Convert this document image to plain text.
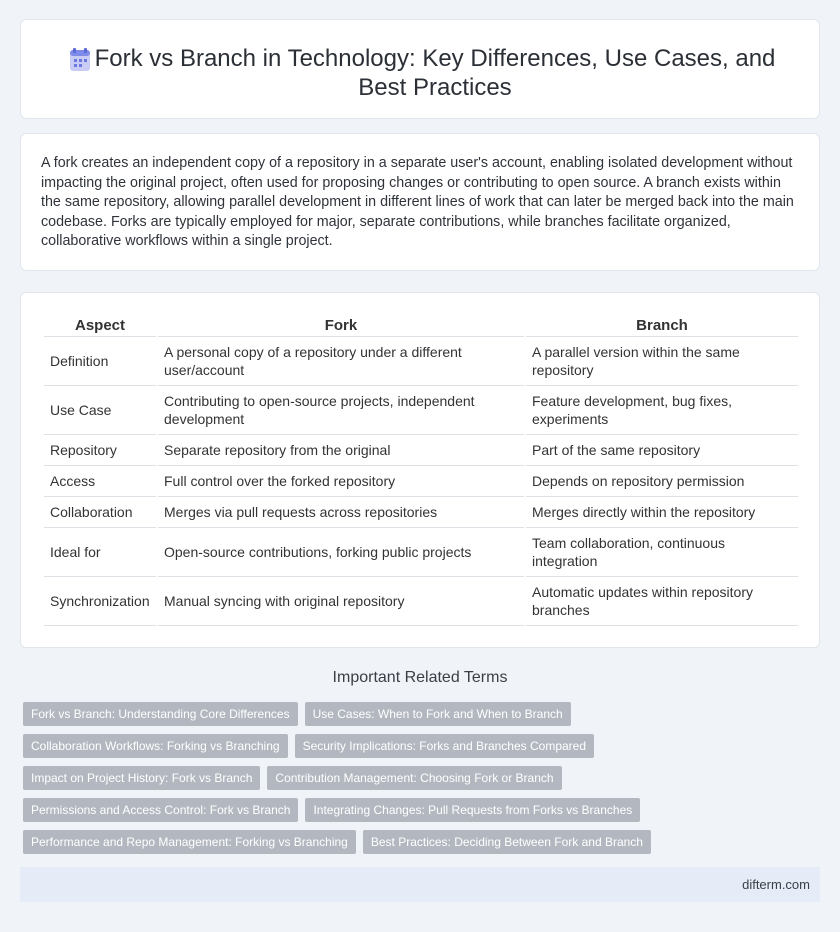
Fork vs Branch in Technology: Key Differences, Use Cases, and Best Practices

A fork creates an independent copy of a repository in a separate user's account, enabling isolated development without impacting the original project, often used for proposing changes or contributing to open source. A branch exists within the same repository, allowing parallel development in different lines of work that can later be merged back into the main codebase. Forks are typically employed for major, separate contributions, while branches facilitate organized, collaborative workflows within a single project.

Aspect	Fork	Branch
Definition	A personal copy of a repository under a different user/account	A parallel version within the same repository
Use Case	Contributing to open-source projects, independent development	Feature development, bug fixes, experiments
Repository	Separate repository from the original	Part of the same repository
Access	Full control over the forked repository	Depends on repository permission
Collaboration	Merges via pull requests across repositories	Merges directly within the repository
Ideal for	Open-source contributions, forking public projects	Team collaboration, continuous integration
Synchronization	Manual syncing with original repository	Automatic updates within repository branches
Important Related Terms
Fork vs Branch: Understanding Core Differences	Use Cases: When to Fork and When to Branch
Collaboration Workflows: Forking vs Branching	Security Implications: Forks and Branches Compared
Impact on Project History: Fork vs Branch	Contribution Management: Choosing Fork or Branch
Permissions and Access Control: Fork vs Branch	Integrating Changes: Pull Requests from Forks vs Branches
Performance and Repo Management: Forking vs Branching	Best Practices: Deciding Between Fork and Branch
difterm.com
